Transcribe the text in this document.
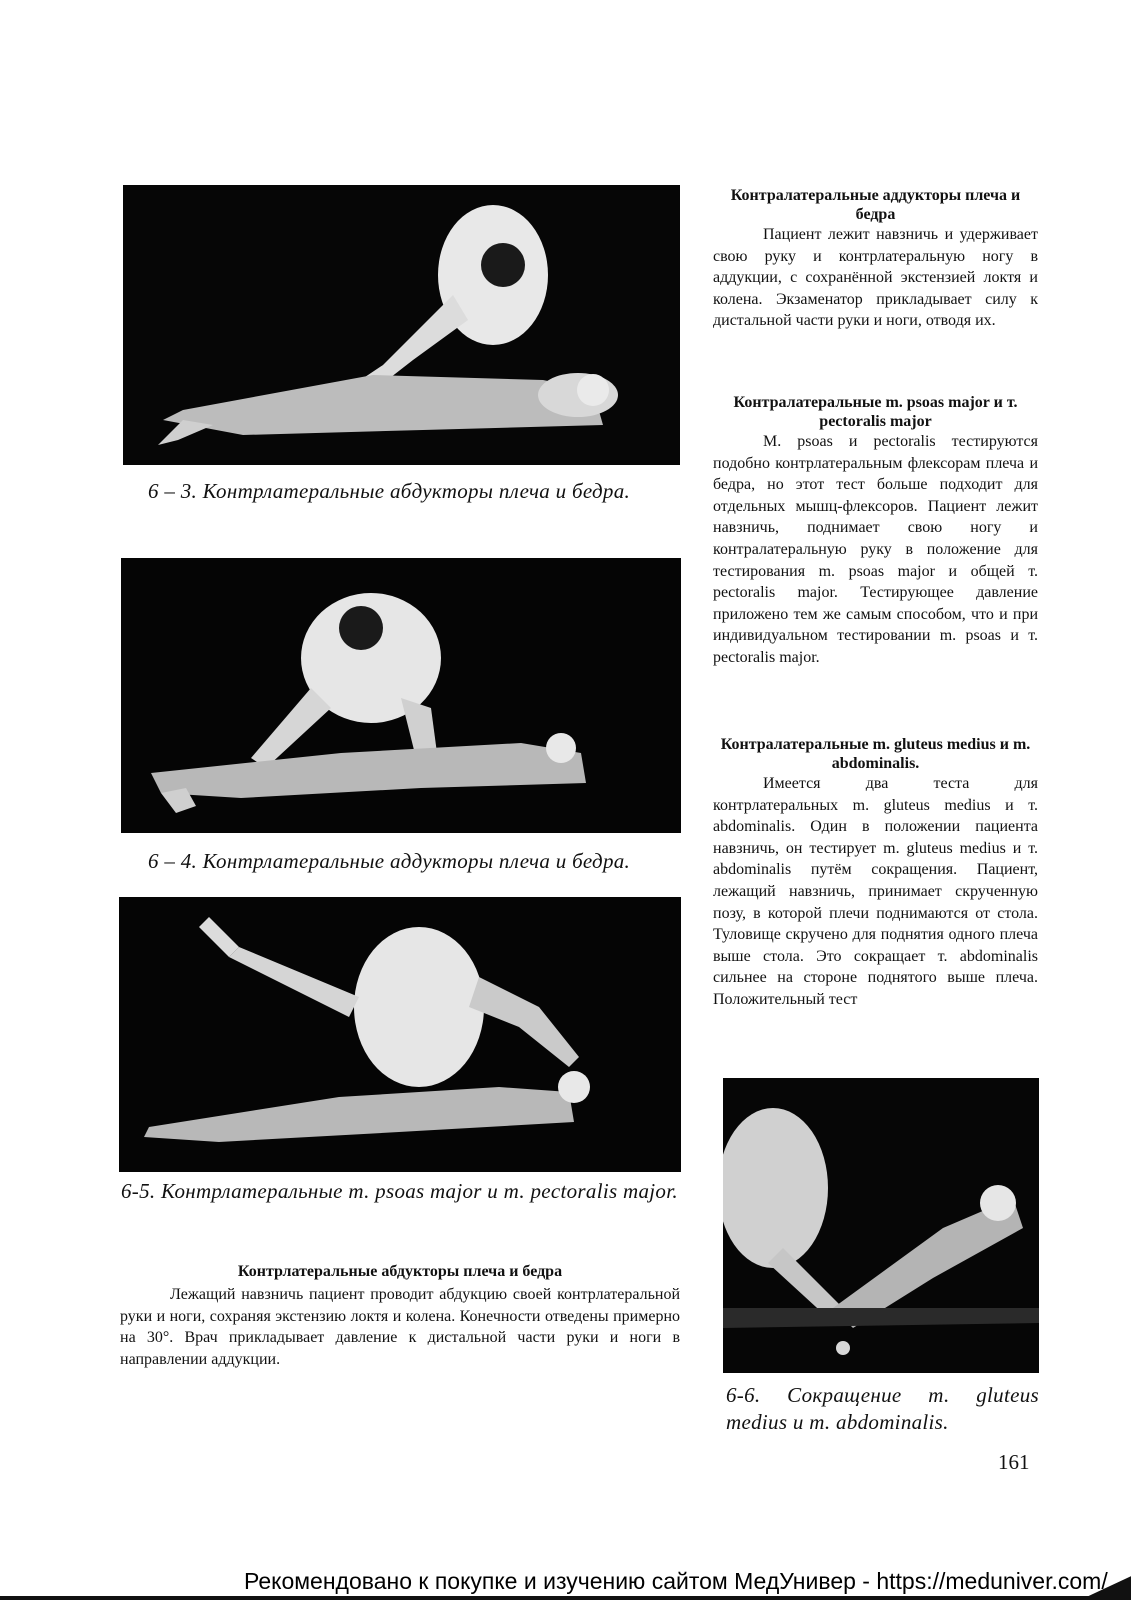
6 – 3. Контрлатеральные абдукторы плеча и бедра.
6 – 4. Контрлатеральные аддукторы плеча и бедра.
6-5. Контрлатеральные т. psoas major и т. pectoralis major.

Контрлатеральные абдукторы плеча и бедра

Лежащий навзничь пациент проводит абдукцию своей контрлатеральной руки и ноги, сохраняя экстензию локтя и колена. Конечности отведены примерно на 30°. Врач прикладывает давление к дистальной части руки и ноги в направлении аддукции.

Контралатеральные аддукторы плеча и бедра

Пациент лежит навзничь и удерживает свою руку и контрлатеральную ногу в аддукции, с сохранённой экстензией локтя и колена. Экзаменатор прикладывает силу к дистальной части руки и ноги, отводя их.

Контралатеральные m. psoas major и т. pectoralis major

M. psoas и pectoralis тестируются подобно контрлатеральным флексорам плеча и бедра, но этот тест больше подходит для отдельных мышц-флексоров. Пациент лежит навзничь, поднимает свою ногу и контралатеральную руку в положение для тестирования m. psoas major и общей т. pectoralis major. Тестирующее давление приложено тем же самым способом, что и при индивидуальном тестировании m. psoas и т. pectoralis major.

Контралатеральные m. gluteus medius и m. abdominalis.

Имеется два теста для контрлатеральных m. gluteus medius и т. abdominalis. Один в положении пациента навзничь, он тестирует m. gluteus medius и т. abdominalis путём сокращения. Пациент, лежащий навзничь, принимает скрученную позу, в которой плечи поднимаются от стола. Туловище скручено для поднятия одного плеча выше стола. Это сокращает т. abdominalis сильнее на стороне поднятого выше плеча. Положительный тест

6-6. Сокращение т. gluteus medius и т. abdominalis.
161
Рекомендовано к покупке и изучению сайтом МедУнивер - https://meduniver.com/
